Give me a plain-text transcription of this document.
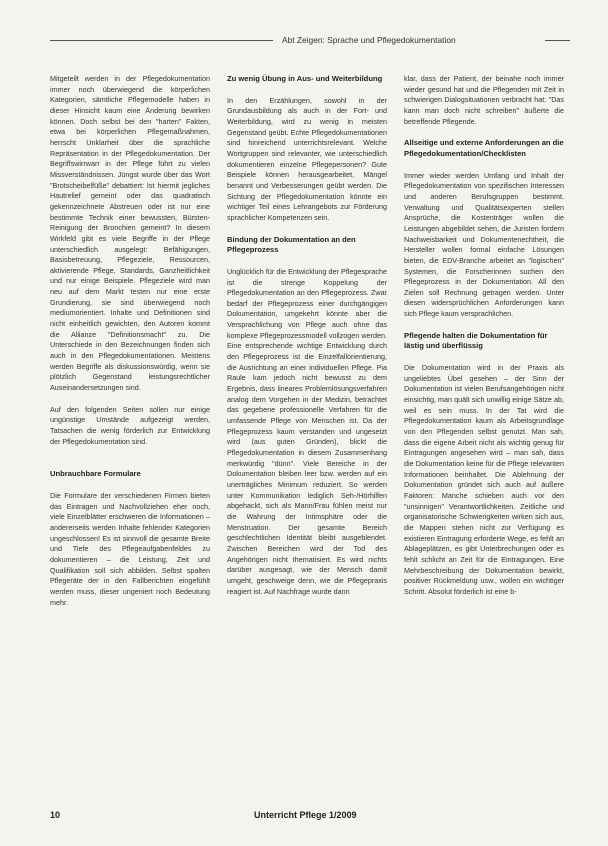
Abt Zeigen: Sprache und Pflegedokumentation

Mitgeteilt werden in der Pflegedokumentation immer noch überwiegend die körperlichen Kategorien, sämtliche Pflegemodelle haben in dieser Hinsicht kaum eine Änderung bewirken können. Doch selbst bei den "harten" Fakten, etwa bei körperlichen Pflegemaßnahmen, herrscht Unklarheit über die sprachliche Repräsentation in der Pflegedokumentation. Der Begriffswirrwarr in der Pflege führt zu vielen Missverständnissen. Jüngst wurde über das Wort "Brotscheibelfüße" debattiert: Ist hiermit jegliches Hautrelief gemeint oder das quadratisch gekennzeichnete Abstreuen oder ist nur eine bestimmte Technik einer bewussten, Bürsten-Reinigung der Bronchien gemeint? In diesem Wirkfeld gibt es viele Begriffe in der Pflege unterschiedlich ausgelegt: Befähigungen, Basisbetreuung, Pflegeziele, Ressourcen, aktivierende Pflege, Standards, Ganzheitlichkeit und nur einige Beispiele. Pflegeziele wird man neu auf dem Markt testen nur eine erste Grundierung, sie sind überwiegend noch mediumorientiert. Inhalte und Definitionen sind nicht einheitlich gewichten, den Autoren kommt die Allianze "Definitionsmacht" zu. Die Unterschiede in den Bezeichnungen finden sich auch in den Pflegedokumentationen. Meistens werden Begriffe als diskussionswürdig, wenn sie plötzlich Gegenstand leistungsrechtlicher Auseinandersetzungen sind.

Auf den folgenden Seiten sollen nur einige ungünstige Umstände aufgezeigt werden, Tatsachen die wenig förderlich zur Entwicklung der Pflegedokumentation sind.

Unbrauchbare Formulare

Die Formulare der verschiedenen Firmen bieten das Eintragen und Nachvollziehen eher noch, viele Einzelblätter erschweren die Informationen – andererseits werden Inhalte fehlender Kategorien ungeschlossen! Es ist sinnvoll die gesamte Breite und Tiefe des Pflegeaufgabenfeldes zu dokumentieren – die Leistung, Zeit und Qualifikation soll sich abbilden. Selbst spalten Pflegeräte der in den Fallberichten eingefühlt werden muss, dieser ungeniert noch Bedeutung mehr.

Zu wenig Übung in Aus- und Weiterbildung

In den Erzählungen, sowohl in der Grundausbildung als auch in der Fort- und Weiterbildung, wird zu wenig in meisten Gegenstand geübt. Echte Pflegedokumentationen sind hinreichend unterrichtsrelevant. Welche Wortgruppen sind relevanter, wie unterschiedlich dokumentieren einzelne Pflegepersonen? Gute Beispiele können herausgearbeitet, Mängel benannt und Verbesserungen geübt werden. Die Sichtung der Pflegedokumentation könnte ein wichtiger Teil eines Lehrangebots zur Förderung sprachlicher Kompetenzen sein.

Bindung der Dokumentation an den Pflegeprozess

Unglücklich für die Entwicklung der Pflegesprache ist die strenge Koppelung der Pflegedokumentation an den Pflegeprozess. Zwar bedarf der Pflegeprozess einer durchgängigen Dokumentation, umgekehrt könnte aber die Versprachlichung von Pflege auch ohne das komplexe Pflegeprozessmodell vollzogen werden. Eine entsprechende wichtige Entwicklung durch den Pflegeprozess ist die Einzelfallorientierung, die Ausrichtung an einer individuellen Pflege. Pia Raule kam jedoch nicht bewusst zu dem Ergebnis, dass lineares Problemlösungsverfahren analog dem Vorgehen in der Medizin, betrachtet das gegebene professionelle Verfahren für die umfassende Pflege von Menschen ist. Da der Pflegeprozess kaum verstanden und ungesetzt wird (aus guten Gründen), blickt die Pflegedokumentation in diesem Zusammenhang merkwürdig "dünn". Viele Bereiche in der Dokumentation bleiben leer bzw. werden auf ein unerträgliches Minimum reduziert. So werden unter Kommunikation lediglich Seh-/Hörhilfen abgehackt, sich als Mann/Frau fühlen meist nur die Wahrung der Intimsphäre oder die Menstruation. Der gesamte Bereich geschlechtlichen Identität bleibt ausgeblendet. Zwischen Bereichen wird der Tod des Angehörigen nicht thematisiert. Es wird nichts darüber ausgesagt, wie der Mensch damit umgeht, geschweige denn, wie die Pflegepraxis reagiert ist. Auf Nachfrage wurde dann

klar, dass der Patient, der beinahe noch immer wieder gesund hat und die Pflegenden mit Zeit in schwierigen Dialogsituationen verbracht hat: "Das kann man doch nicht schreiben" äußerte die betreffende Pflegende.

Allseitige und externe Anforderungen an die Pflegedokumentation/Checklisten

Immer wieder werden Umfang und Inhalt der Pflegedokumentation von spezifischen Interessen und anderen Berufsgruppen bestimmt. Verwaltung und Qualitätsexperten stellen Ansprüche, die Kostenträger wollen die Leistungen abgebildet sehen, die Juristen fordern Nachweisbarkeit und Dokumentenechtheit, die Hersteller wollen formal einfache Lösungen bieten, die EDV-Branche arbeitet an "logischen" Systemen, die Forscherinnen suchen den Pflegeprozess in der Dokumentation. All den Zielen soll Rechnung getragen werden. Unter diesen widersprüchlichen Anforderungen kann sich Pflege kaum versprachlichen.

Pflegende halten die Dokumentation für lästig und überflüssig

Die Dokumentation wird in der Praxis als ungeliebtes Übel gesehen – der Sinn der Dokumentation ist vielen Berufsangehörigen nicht einsichtig, man quält sich unwillig einige Sätze ab, weil es sein muss. In der Tat wird die Pflegedokumentation kaum als Arbeitsgrundlage von den Pflegenden selbst genutzt. Man sah, dass die eigene Arbeit nicht als wichtig genug für Eintragungen angesehen wird – man sah, dass die Dokumentation keine für die Pflege relevanten Informationen beinhaltet. Die Ablehnung der Dokumentation gründet sich auch auf äußere Faktoren: Manche schieben auch vor den "unsinnigen" Verantwortlichkeiten. Zeitliche und organisatorische Schwierigkeiten wirken sich aus, die Mappen stehen nicht zur Verfügung es existieren Eintragung erforderte Wege, es fehlt an Ablageplätzen, es gibt Unterbrechungen oder es fehlt schlicht an Zeit für die Eintragungen. Eine Mehrbeschreibung der Dokumentation bewirkt, positiver Rückmeldung usw., wollen ein wichtiger Schritt. Absolut förderlich ist eine b-

10	Unterricht Pflege 1/2009
